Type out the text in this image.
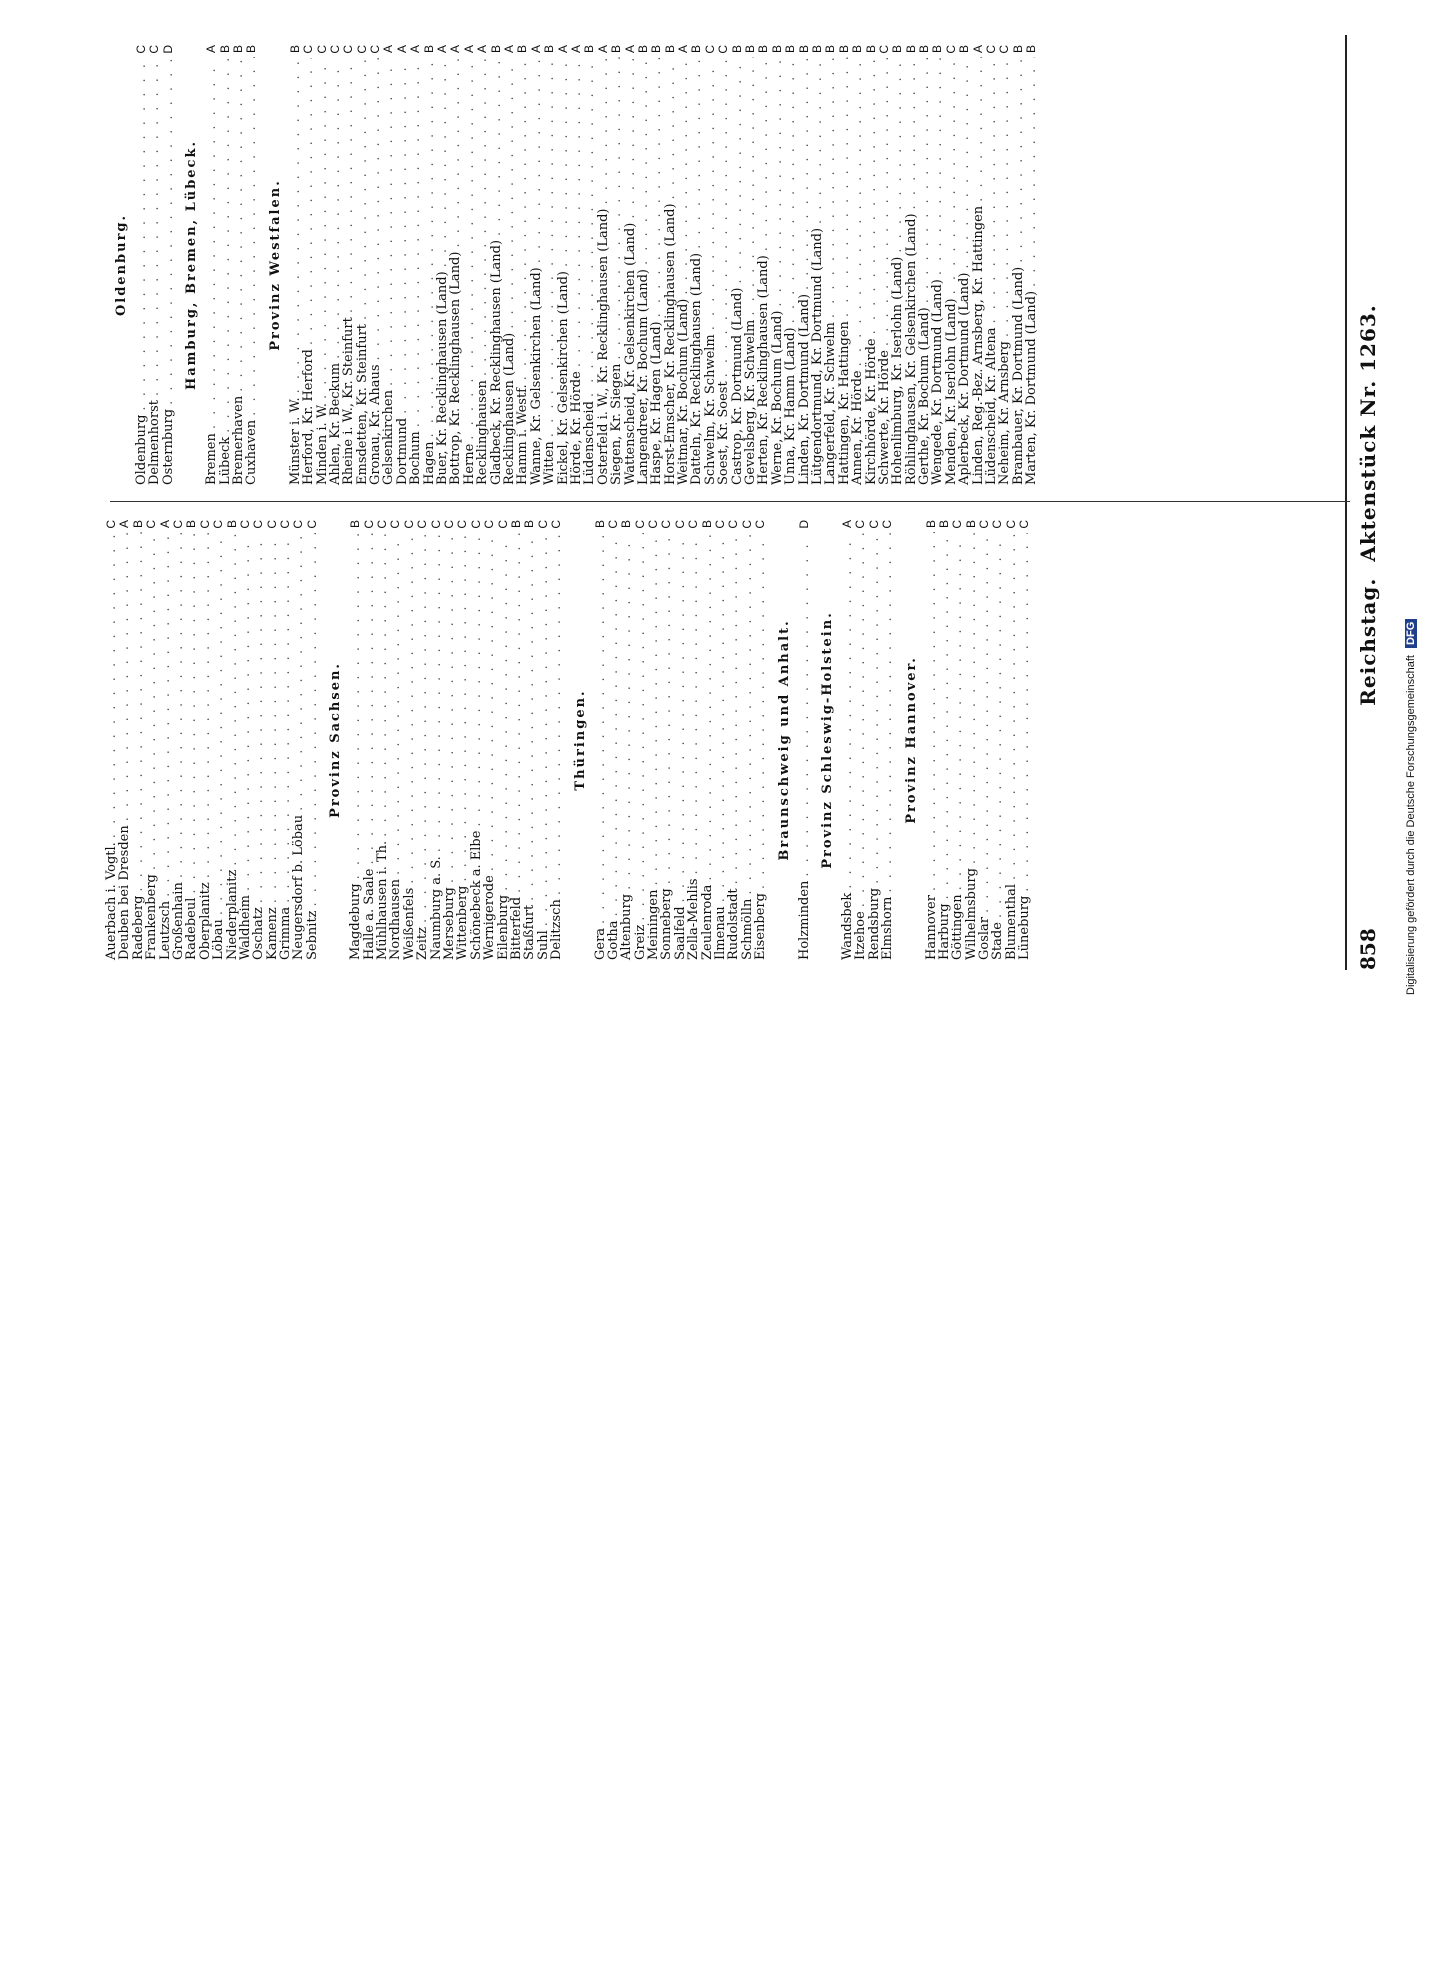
858
Reichstag. Aktenstück Nr. 1263.
Auerbach i. Vogtl.
. . .
C
Deuben bei Dresden
. . .
A
Radeberg
. . .
B
Frankenberg
. . .
C
Leutzsch
. . .
A
Großenhain
. . .
C
Radebeul
. . .
B
Oberplanitz
. . .
C
Löbau
. . .
C
Niederplanitz
. . .
B
Waldheim
. . .
C
Oschatz
. . .
C
Kamenz
. . .
C
Grimma
. . .
C
Neugersdorf b. Löbau
. . .
C
Sebnitz
. . .
C
Provinz Sachsen.
Magdeburg
. . .
B
Halle a. Saale
. . .
C
Mühlhausen i. Th.
. . .
C
Nordhausen
. . .
C
Weißenfels
. . .
C
Zeitz
. . .
C
Naumburg a. S.
. . .
C
Merseburg
. . .
C
Wittenberg
. . .
C
Schönebeck a. Elbe
. . .
C
Wernigerode
. . .
C
Eilenburg
. . .
C
Bitterfeld
. . .
B
Staßfurt
. . .
B
Suhl
. . .
C
Delitzsch
. . .
C
Thüringen.
Gera
. . .
B
Gotha
. . .
C
Altenburg
. . .
B
Greiz
. . .
C
Meiningen
. . .
C
Sonneberg
. . .
C
Saalfeld
. . .
C
Zella-Mehlis
. . .
C
Zeulenroda
. . .
B
Ilmenau
. . .
C
Rudolstadt
. . .
C
Schmölln
. . .
C
Eisenberg
. . .
C
Braunschweig und Anhalt.
Holzminden
. . .
D
Provinz Schleswig-Holstein.
Wandsbek
. . .
A
Itzehoe
. . .
C
Rendsburg
. . .
C
Elmshorn
. . .
C
Provinz Hannover.
Hannover
. . .
B
Harburg
. . .
B
Göttingen
. . .
C
Wilhelmsburg
. . .
B
Goslar
. . .
C
Stade
. . .
C
Blumenthal
. . .
C
Lüneburg
. . .
C
Oldenburg.
Oldenburg
. . .
C
Delmenhorst
. . .
C
Osternburg
. . .
D
Hamburg, Bremen, Lübeck.
Bremen
. . .
A
Lübeck
. . .
B
Bremerhaven
. . .
B
Cuxhaven
. . .
B
Provinz Westfalen.
Münster i. W.
. . .
B
Herford, Kr. Herford
. . .
C
Minden i. W.
. . .
C
Ahlen, Kr. Beckum
. . .
C
Rheine i. W., Kr. Steinfurt
. . .
C
Emsdetten, Kr. Steinfurt
. . .
C
Gronau, Kr. Ahaus
. . .
C
Gelsenkirchen
. . .
A
Dortmund
. . .
A
Bochum
. . .
A
Hagen
. . .
B
Buer, Kr. Recklinghausen (Land)
. . .
A
Bottrop, Kr. Recklinghausen (Land)
. . .
A
Herne
. . .
A
Recklinghausen
. . .
A
Gladbeck, Kr. Recklinghausen (Land)
. . .
B
Recklinghausen (Land)
. . .
A
Hamm i. Westf.
. . .
B
Wanne, Kr. Gelsenkirchen (Land)
. . .
A
Witten
. . .
B
Eickel, Kr. Gelsenkirchen (Land)
. . .
A
Hörde, Kr. Hörde
. . .
A
Lüdenscheid
. . .
B
Osterfeld i. W., Kr. Recklinghausen (Land)
. . .
A
Siegen, Kr. Siegen
. . .
B
Wattenscheid, Kr. Gelsenkirchen (Land)
. . .
A
Langendreer, Kr. Bochum (Land)
. . .
B
Haspe, Kr. Hagen (Land)
. . .
B
Horst-Emscher, Kr. Recklinghausen (Land)
. . .
B
Weitmar, Kr. Bochum (Land)
. . .
A
Datteln, Kr. Recklinghausen (Land)
. . .
B
Schwelm, Kr. Schwelm
. . .
C
Soest, Kr. Soest
. . .
C
Castrop, Kr. Dortmund (Land)
. . .
B
Gevelsberg, Kr. Schwelm
. . .
B
Herten, Kr. Recklinghausen (Land)
. . .
B
Werne, Kr. Bochum (Land)
. . .
B
Unna, Kr. Hamm (Land)
. . .
B
Linden, Kr. Dortmund (Land)
. . .
B
Lütgendortmund, Kr. Dortmund (Land)
. . .
B
Langerfeld, Kr. Schwelm
. . .
B
Hattingen, Kr. Hattingen
. . .
B
Annen, Kr. Hörde
. . .
B
Kirchhörde, Kr. Hörde
. . .
B
Schwerte, Kr. Hörde
. . .
C
Hohenlimburg, Kr. Iserlohn (Land)
. . .
B
Röhlinghausen, Kr. Gelsenkirchen (Land)
. . .
B
Gerthe, Kr. Bochum (Land)
. . .
B
Wengede, Kr. Dortmund (Land)
. . .
B
Menden, Kr. Iserlohn (Land)
. . .
C
Aplerbeck, Kr. Dortmund (Land)
. . .
B
Linden, Reg.-Bez. Arnsberg, Kr. Hattingen
. . .
A
Lüdenscheid, Kr. Altena
. . .
C
Neheim, Kr. Arnsberg
. . .
C
Brambauer, Kr. Dortmund (Land)
. . .
B
Marten, Kr. Dortmund (Land)
. . .
B
Digitalisierung gefördert durch die Deutsche Forschungsgemeinschaft DFG
